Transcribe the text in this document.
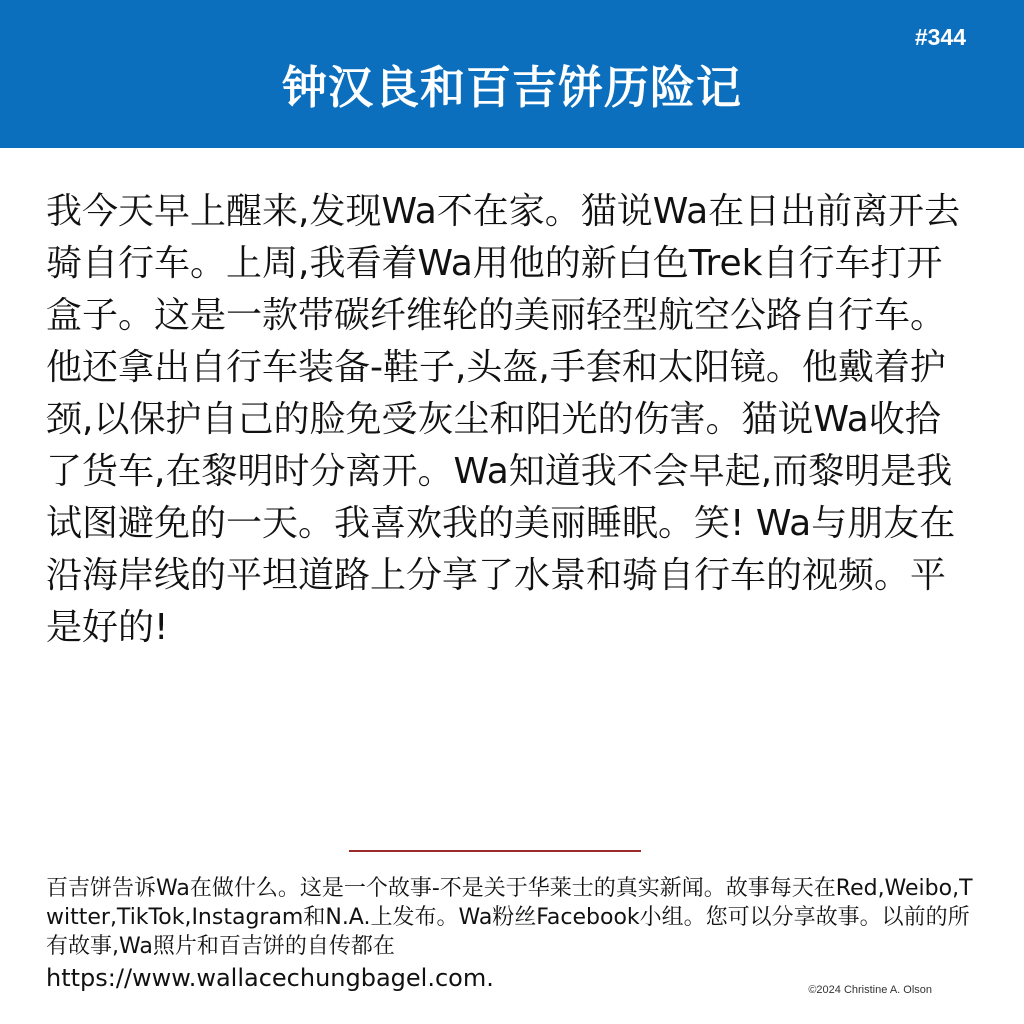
#344
钟汉良和百吉饼历险记

我今天早上醒来,发现Wa不在家。猫说Wa在日出前离开去骑自行车。上周,我看着Wa用他的新白色Trek自行车打开盒子。这是一款带碳纤维轮的美丽轻型航空公路自行车。他还拿出自行车装备-鞋子,头盔,手套和太阳镜。他戴着护颈,以保护自己的脸免受灰尘和阳光的伤害。猫说Wa收拾了货车,在黎明时分离开。Wa知道我不会早起,而黎明是我试图避免的一天。我喜欢我的美丽睡眠。笑! Wa与朋友在沿海岸线的平坦道路上分享了水景和骑自行车的视频。平是好的!

百吉饼告诉Wa在做什么。这是一个故事-不是关于华莱士的真实新闻。故事每天在Red,Weibo,Twitter,TikTok,Instagram和N.A.上发布。Wa粉丝Facebook小组。您可以分享故事。以前的所有故事,Wa照片和百吉饼的自传都在

https://www.wallacechungbagel.com.	©2024 Christine A. Olson
